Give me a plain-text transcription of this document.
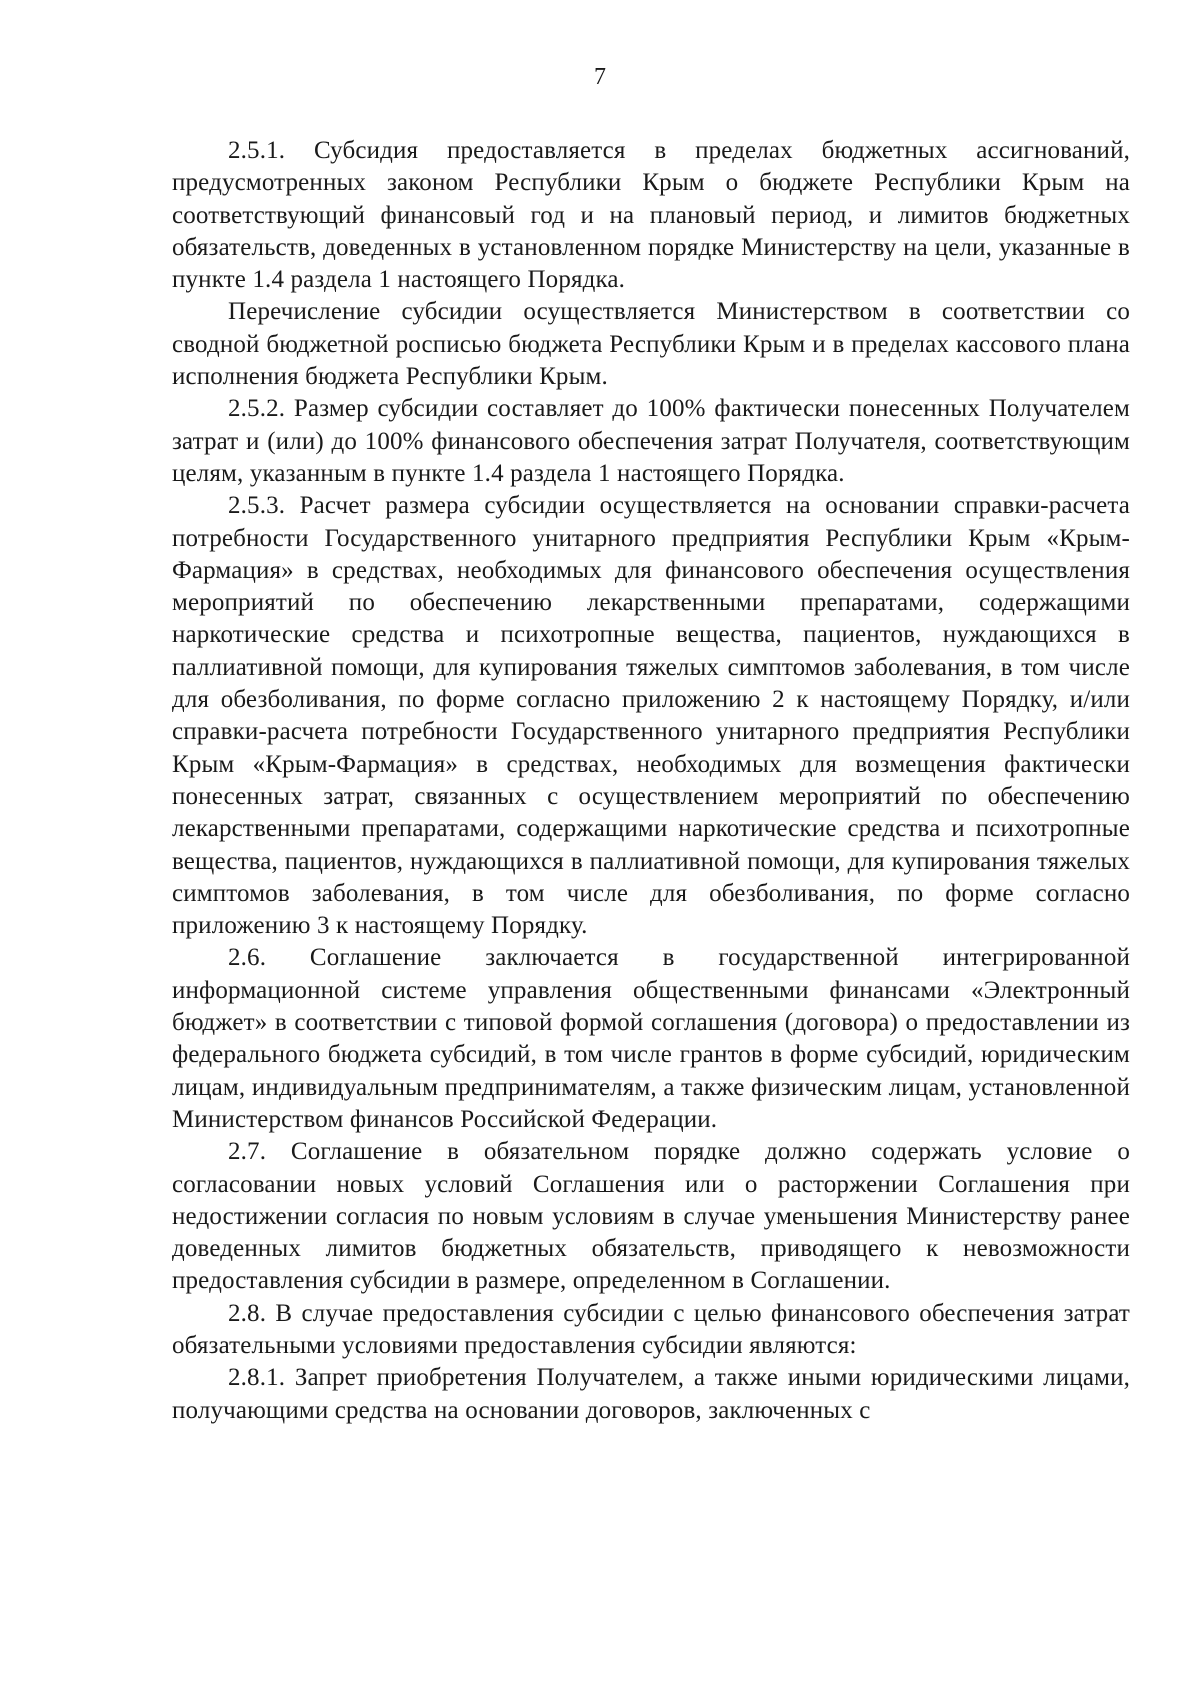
7

2.5.1. Субсидия предоставляется в пределах бюджетных ассигнований, предусмотренных законом Республики Крым о бюджете Республики Крым на соответствующий финансовый год и на плановый период, и лимитов бюджетных обязательств, доведенных в установленном порядке Министерству на цели, указанные в пункте 1.4 раздела 1 настоящего Порядка.

Перечисление субсидии осуществляется Министерством в соответствии со сводной бюджетной росписью бюджета Республики Крым и в пределах кассового плана исполнения бюджета Республики Крым.

2.5.2. Размер субсидии составляет до 100% фактически понесенных Получателем затрат и (или) до 100% финансового обеспечения затрат Получателя, соответствующим целям, указанным в пункте 1.4 раздела 1 настоящего Порядка.

2.5.3. Расчет размера субсидии осуществляется на основании справки-расчета потребности Государственного унитарного предприятия Республики Крым «Крым-Фармация» в средствах, необходимых для финансового обеспечения осуществления мероприятий по обеспечению лекарственными препаратами, содержащими наркотические средства и психотропные вещества, пациентов, нуждающихся в паллиативной помощи, для купирования тяжелых симптомов заболевания, в том числе для обезболивания, по форме согласно приложению 2 к настоящему Порядку, и/или справки-расчета потребности Государственного унитарного предприятия Республики Крым «Крым-Фармация» в средствах, необходимых для возмещения фактически понесенных затрат, связанных с осуществлением мероприятий по обеспечению лекарственными препаратами, содержащими наркотические средства и психотропные вещества, пациентов, нуждающихся в паллиативной помощи, для купирования тяжелых симптомов заболевания, в том числе для обезболивания, по форме согласно приложению 3 к настоящему Порядку.

2.6. Соглашение заключается в государственной интегрированной информационной системе управления общественными финансами «Электронный бюджет» в соответствии с типовой формой соглашения (договора) о предоставлении из федерального бюджета субсидий, в том числе грантов в форме субсидий, юридическим лицам, индивидуальным предпринимателям, а также физическим лицам, установленной Министерством финансов Российской Федерации.

2.7. Соглашение в обязательном порядке должно содержать условие о согласовании новых условий Соглашения или о расторжении Соглашения при недостижении согласия по новым условиям в случае уменьшения Министерству ранее доведенных лимитов бюджетных обязательств, приводящего к невозможности предоставления субсидии в размере, определенном в Соглашении.

2.8. В случае предоставления субсидии с целью финансового обеспечения затрат обязательными условиями предоставления субсидии являются:

2.8.1. Запрет приобретения Получателем, а также иными юридическими лицами, получающими средства на основании договоров, заключенных с
